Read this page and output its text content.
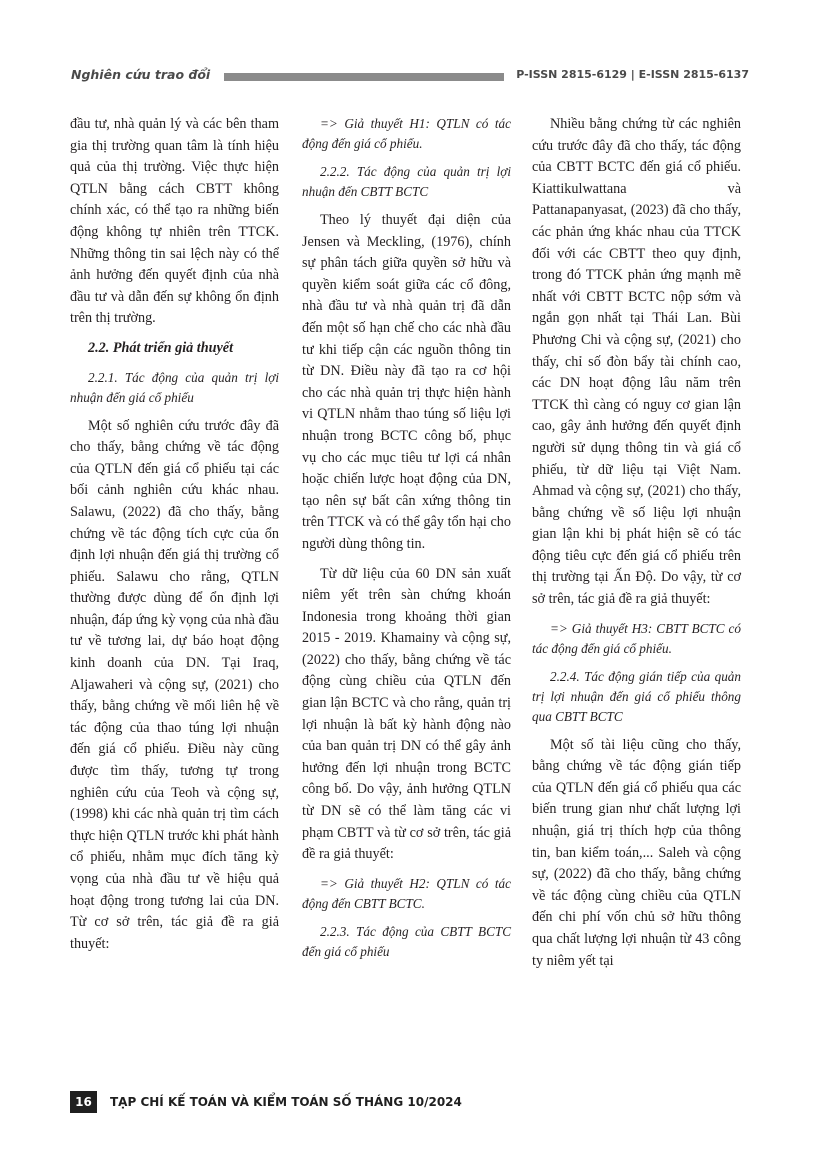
Nghiên cứu trao đổi	P-ISSN 2815-6129 | E-ISSN 2815-6137

đầu tư, nhà quản lý và các bên tham gia thị trường quan tâm là tính hiệu quả của thị trường. Việc thực hiện QTLN bằng cách CBTT không chính xác, có thể tạo ra những biến động không tự nhiên trên TTCK. Những thông tin sai lệch này có thể ảnh hưởng đến quyết định của nhà đầu tư và dẫn đến sự không ổn định trên thị trường.

2.2. Phát triển giả thuyết

2.2.1. Tác động của quản trị lợi nhuận đến giá cổ phiếu

Một số nghiên cứu trước đây đã cho thấy, bằng chứng về tác động của QTLN đến giá cổ phiếu tại các bối cảnh nghiên cứu khác nhau. Salawu, (2022) đã cho thấy, bằng chứng về tác động tích cực của ổn định lợi nhuận đến giá thị trường cổ phiếu. Salawu cho rằng, QTLN thường được dùng để ổn định lợi nhuận, đáp ứng kỳ vọng của nhà đầu tư về tương lai, dự báo hoạt động kinh doanh của DN. Tại Iraq, Aljawaheri và cộng sự, (2021) cho thấy, bằng chứng về mối liên hệ về tác động của thao túng lợi nhuận đến giá cổ phiếu. Điều này cũng được tìm thấy, tương tự trong nghiên cứu của Teoh và cộng sự, (1998) khi các nhà quản trị tìm cách thực hiện QTLN trước khi phát hành cổ phiếu, nhằm mục đích tăng kỳ vọng của nhà đầu tư về hiệu quả hoạt động trong tương lai của DN. Từ cơ sở trên, tác giả đề ra giả thuyết:

=> Giả thuyết H1: QTLN có tác động đến giá cổ phiếu.

2.2.2. Tác động của quản trị lợi nhuận đến CBTT BCTC

Theo lý thuyết đại diện của Jensen và Meckling, (1976), chính sự phân tách giữa quyền sở hữu và quyền kiểm soát giữa các cổ đông, nhà đầu tư và nhà quản trị đã dẫn đến một số hạn chế cho các nhà đầu tư khi tiếp cận các nguồn thông tin từ DN. Điều này đã tạo ra cơ hội cho các nhà quản trị thực hiện hành vi QTLN nhằm thao túng số liệu lợi nhuận trong BCTC công bố, phục vụ cho các mục tiêu tư lợi cá nhân hoặc chiến lược hoạt động của DN, tạo nên sự bất cân xứng thông tin trên TTCK và có thể gây tổn hại cho người dùng thông tin.

Từ dữ liệu của 60 DN sản xuất niêm yết trên sàn chứng khoán Indonesia trong khoảng thời gian 2015 - 2019. Khamainy và cộng sự, (2022) cho thấy, bằng chứng về tác động cùng chiều của QTLN đến gian lận BCTC và cho rằng, quản trị lợi nhuận là bất kỳ hành động nào của ban quản trị DN có thể gây ảnh hưởng đến lợi nhuận trong BCTC công bố. Do vậy, ảnh hưởng QTLN từ DN sẽ có thể làm tăng các vi phạm CBTT và từ cơ sở trên, tác giả đề ra giả thuyết:

=> Giả thuyết H2: QTLN có tác động đến CBTT BCTC.

2.2.3. Tác động của CBTT BCTC đến giá cổ phiếu

Nhiều bằng chứng từ các nghiên cứu trước đây đã cho thấy, tác động của CBTT BCTC đến giá cổ phiếu. Kiattikulwattana và Pattanapanyasat, (2023) đã cho thấy, các phản ứng khác nhau của TTCK đối với các CBTT theo quy định, trong đó TTCK phản ứng mạnh mẽ nhất với CBTT BCTC nộp sớm và ngắn gọn nhất tại Thái Lan. Bùi Phương Chi và cộng sự, (2021) cho thấy, chỉ số đòn bẩy tài chính cao, các DN hoạt động lâu năm trên TTCK thì càng có nguy cơ gian lận cao, gây ảnh hưởng đến quyết định người sử dụng thông tin và giá cổ phiếu, từ dữ liệu tại Việt Nam. Ahmad và cộng sự, (2021) cho thấy, bằng chứng về số liệu lợi nhuận gian lận khi bị phát hiện sẽ có tác động tiêu cực đến giá cổ phiếu trên thị trường tại Ấn Độ. Do vậy, từ cơ sở trên, tác giả đề ra giả thuyết:

=> Giả thuyết H3: CBTT BCTC có tác động đến giá cổ phiếu.

2.2.4. Tác động gián tiếp của quản trị lợi nhuận đến giá cổ phiếu thông qua CBTT BCTC

Một số tài liệu cũng cho thấy, bằng chứng về tác động gián tiếp của QTLN đến giá cổ phiếu qua các biến trung gian như chất lượng lợi nhuận, giá trị thích hợp của thông tin, ban kiểm toán,... Saleh và cộng sự, (2022) đã cho thấy, bằng chứng về tác động cùng chiều của QTLN đến chi phí vốn chủ sở hữu thông qua chất lượng lợi nhuận từ 43 công ty niêm yết tại

16	TẠP CHÍ KẾ TOÁN VÀ KIỂM TOÁN SỐ THÁNG 10/2024
